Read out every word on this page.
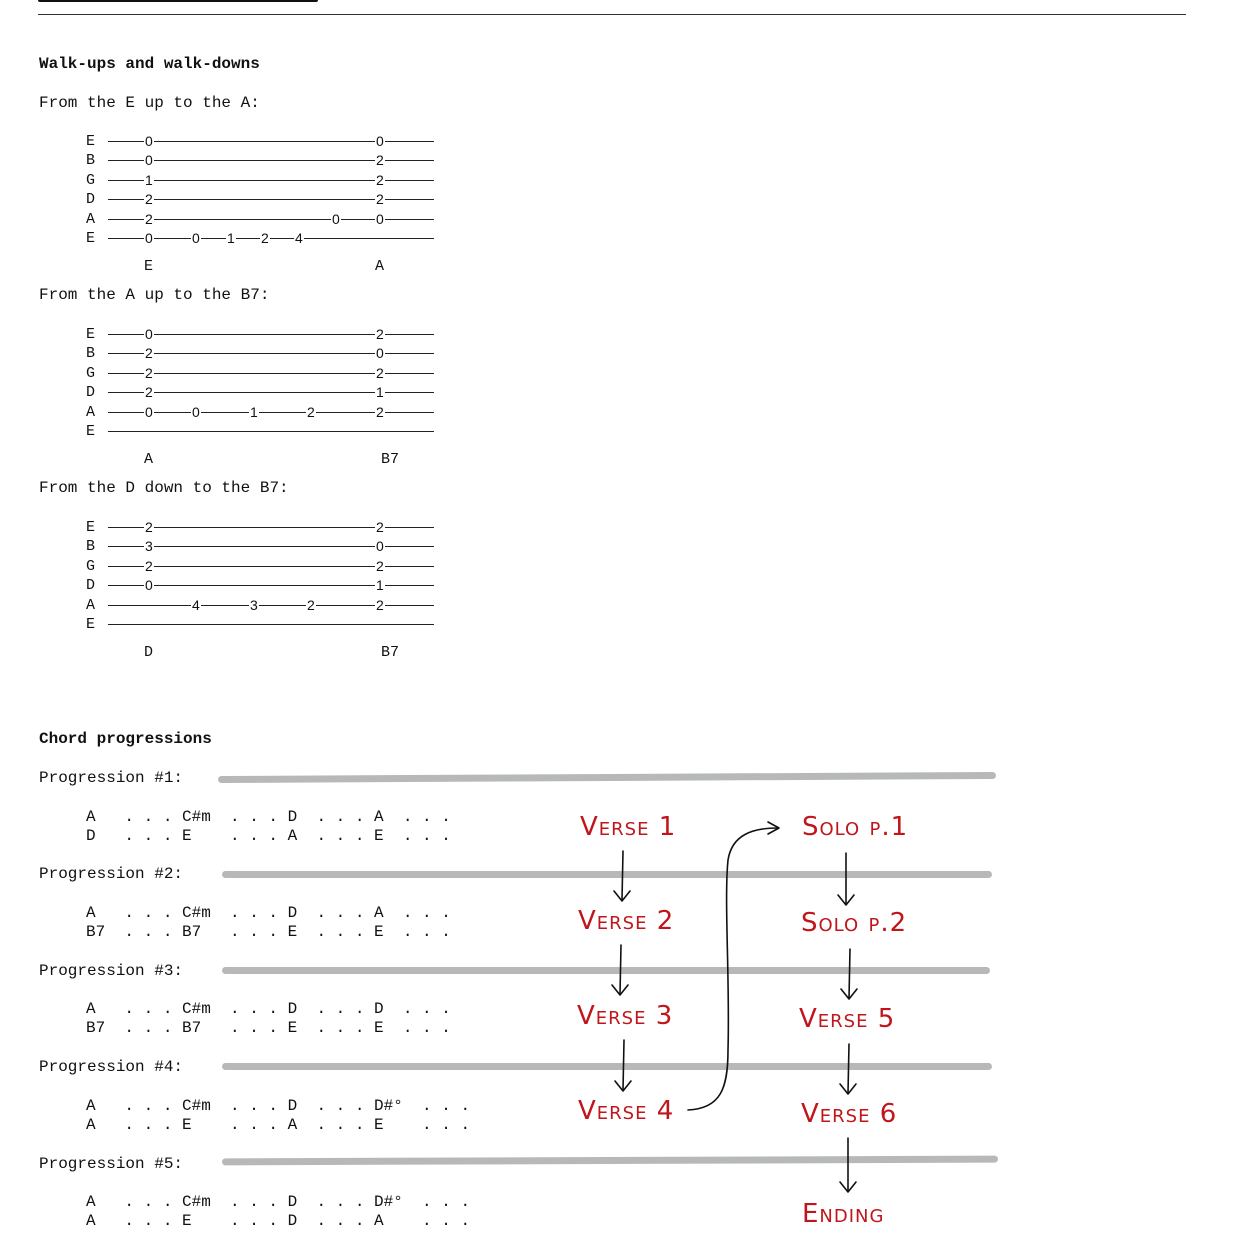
Walk-ups and walk-downs
From the E up to the A:
From the A up to the B7:
From the D down to the B7:
E	0	0
B	0	2
G	1	2
D	2	2
A	2	0	0
E	0	0 1 2 4
E	A
E	0	2
B	2	0
G	2	2
D	2	1
A	0	0	1	2	2
E
A	B7
E	2	2
B	3	0
G	2	2
D	0	1
A	4	3	2	2
E
D	B7
Chord progressions
Progression #1:
A   . . . C#m  . . . D  . . . A  . . .
D   . . . E    . . . A  . . . E  . . .
Progression #2:
A   . . . C#m  . . . D  . . . A  . . .
B7  . . . B7   . . . E  . . . E  . . .
Progression #3:
A   . . . C#m  . . . D  . . . D  . . .
B7  . . . B7   . . . E  . . . E  . . .
Progression #4:
A   . . . C#m  . . . D  . . . D#°  . . .
A   . . . E    . . . A  . . . E    . . .
Progression #5:
A   . . . C#m  . . . D  . . . D#°  . . .
A   . . . E    . . . D  . . . A    . . .
Verse 1
Verse 2
Verse 3
Verse 4
Solo p.1
Solo p.2
Verse 5
Verse 6
Ending
